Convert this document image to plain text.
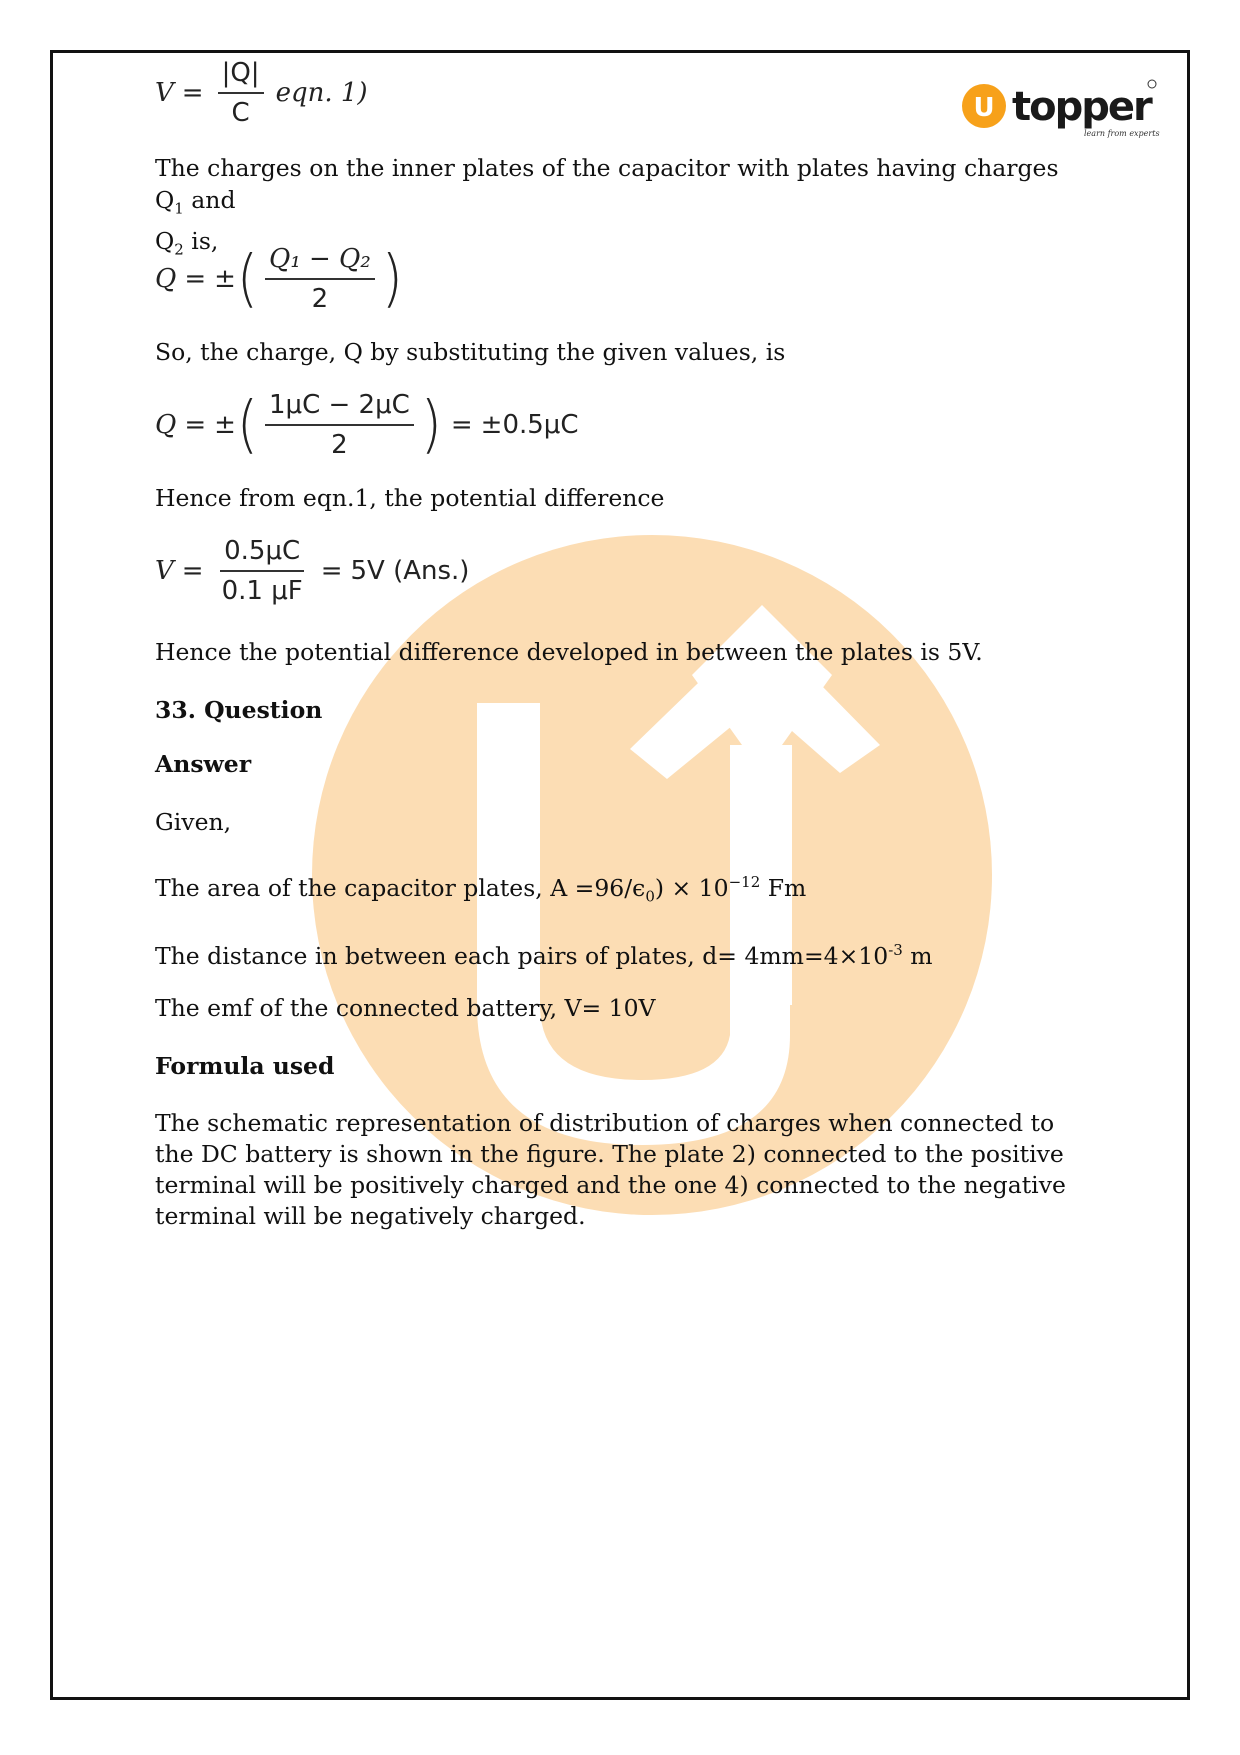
U topper
learn from experts
$V = \frac{|Q|}{C}$ eqn. 1)
The charges on the inner plates of the capacitor with plates having charges $Q_1$ and
$Q_2$ is,
Q = ± ( $\frac{\text{Q₁ − Q₂}}{2}$ )
So, the charge, Q by substituting the given values, is
Q = ± ( $\frac{1\mu C - 2\mu C}{2}$ ) = ±0.5μC
Hence from eqn.1, the potential difference
$V = \frac{0.5\mu C}{0.1 \mu F} = 5V$ (Ans.)
Hence the potential difference developed in between the plates is 5V.
33. Question
Answer
Given,
The area of the capacitor plates, $A =96/\epsilon_0) \times 10^{-12}$ Fm
The distance in between each pairs of plates, $d= 4mm=4\times 10^{-3}$ m
The emf of the connected battery, V= 10V
Formula used
The schematic representation of distribution of charges when connected to the DC battery is shown in the figure. The plate 2) connected to the positive terminal will be positively charged and the one 4) connected to the negative terminal will be negatively charged.
